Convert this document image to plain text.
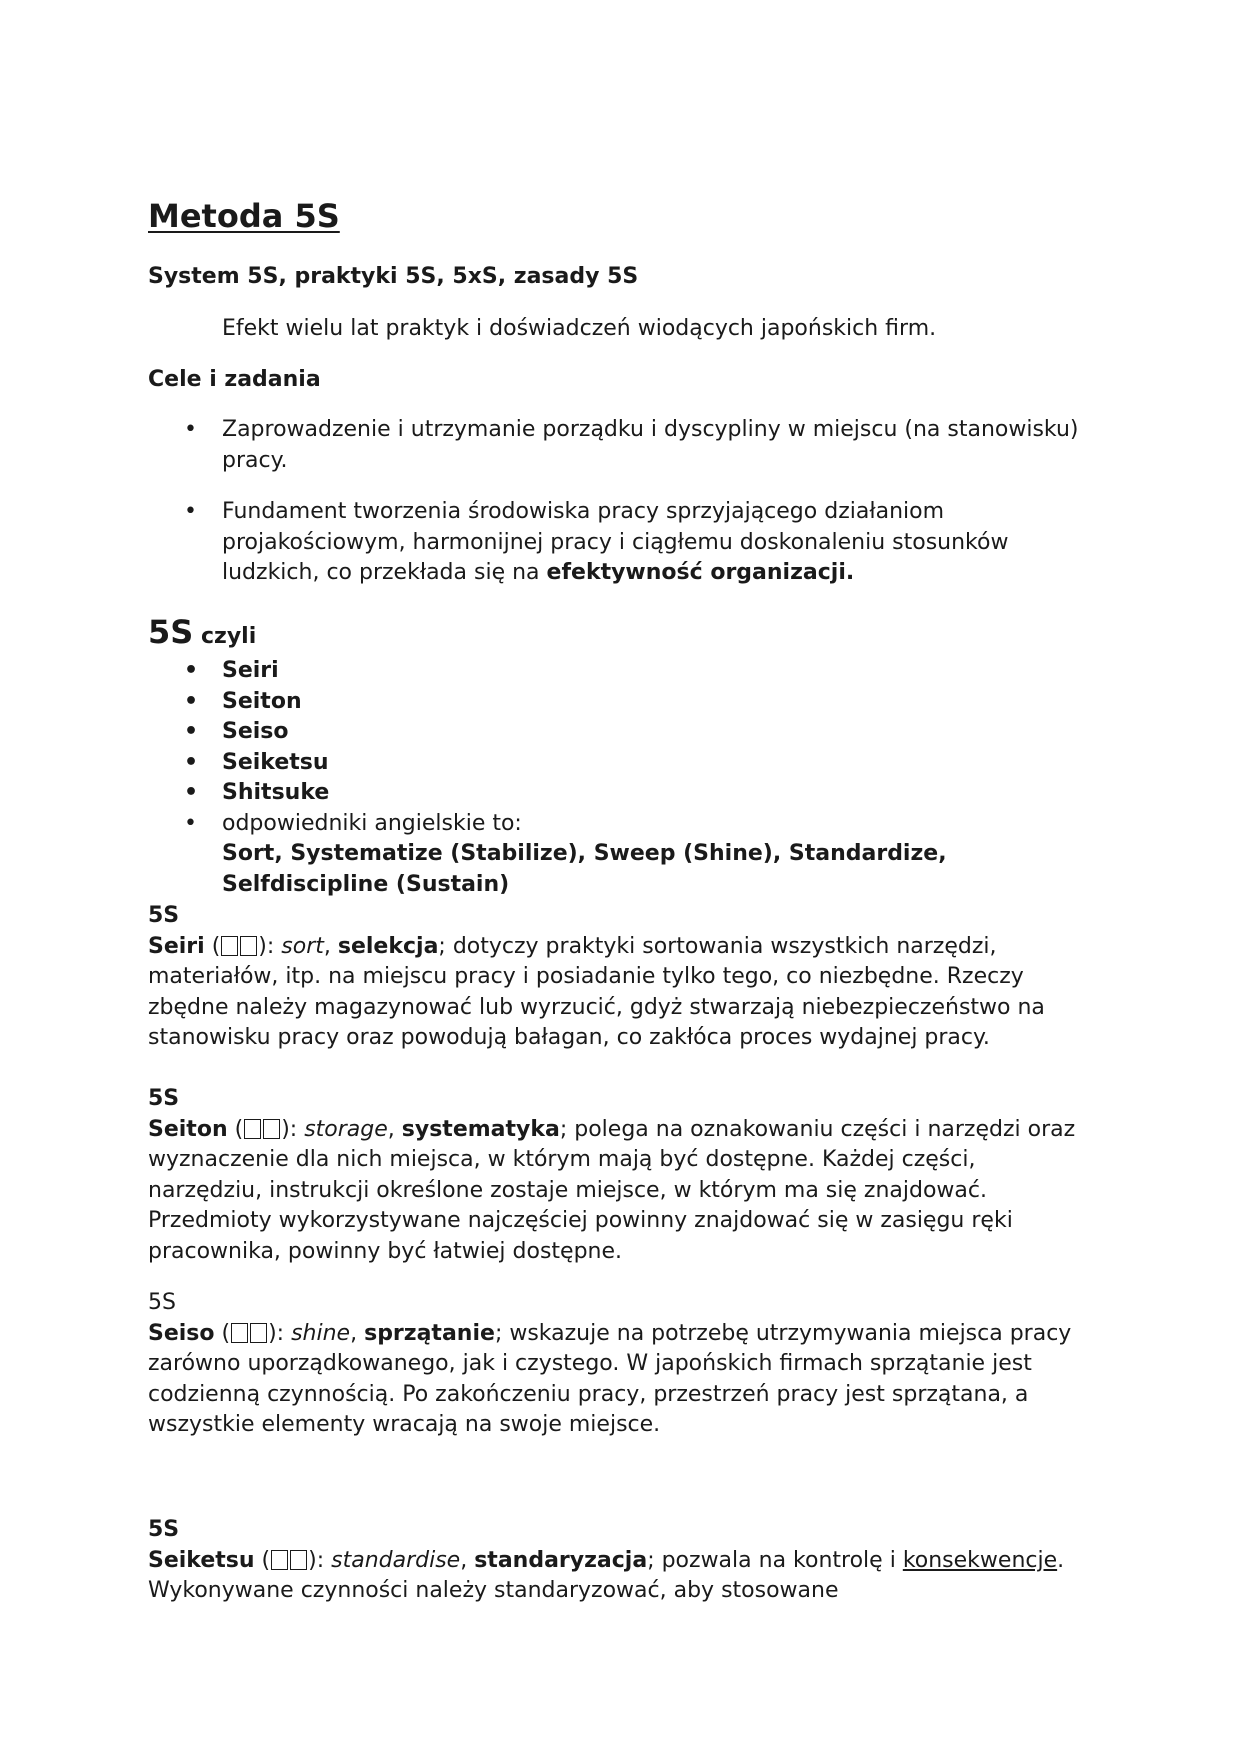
Metoda 5S
System 5S, praktyki 5S, 5xS, zasady 5S

Efekt wielu lat praktyk i doświadczeń wiodących japońskich firm.

Cele i zadania
• Zaprowadzenie i utrzymanie porządku i dyscypliny w miejscu (na stanowisku) pracy.
• Fundament tworzenia środowiska pracy sprzyjającego działaniom projakościowym, harmonijnej pracy i ciągłemu doskonaleniu stosunków ludzkich, co przekłada się na efektywność organizacji.
5S czyli
• Seiri
• Seiton
• Seiso
• Seiketsu
• Shitsuke
• odpowiedniki angielskie to:
Sort, Systematize (Stabilize), Sweep (Shine), Standardize, Selfdiscipline (Sustain)
5S

Seiri ( ): sort, selekcja; dotyczy praktyki sortowania wszystkich narzędzi, materiałów, itp. na miejscu pracy i posiadanie tylko tego, co niezbędne. Rzeczy zbędne należy magazynować lub wyrzucić, gdyż stwarzają niebezpieczeństwo na stanowisku pracy oraz powodują bałagan, co zakłóca proces wydajnej pracy.

5S

Seiton ( ): storage, systematyka; polega na oznakowaniu części i narzędzi oraz wyznaczenie dla nich miejsca, w którym mają być dostępne. Każdej części, narzędziu, instrukcji określone zostaje miejsce, w którym ma się znajdować. Przedmioty wykorzystywane najczęściej powinny znajdować się w zasięgu ręki pracownika, powinny być łatwiej dostępne.

5S

Seiso ( ): shine, sprzątanie; wskazuje na potrzebę utrzymywania miejsca pracy zarówno uporządkowanego, jak i czystego. W japońskich firmach sprzątanie jest codzienną czynnością. Po zakończeniu pracy, przestrzeń pracy jest sprzątana, a wszystkie elementy wracają na swoje miejsce.

5S

Seiketsu ( ): standardise, standaryzacja; pozwala na kontrolę i konsekwencje. Wykonywane czynności należy standaryzować, aby stosowane
